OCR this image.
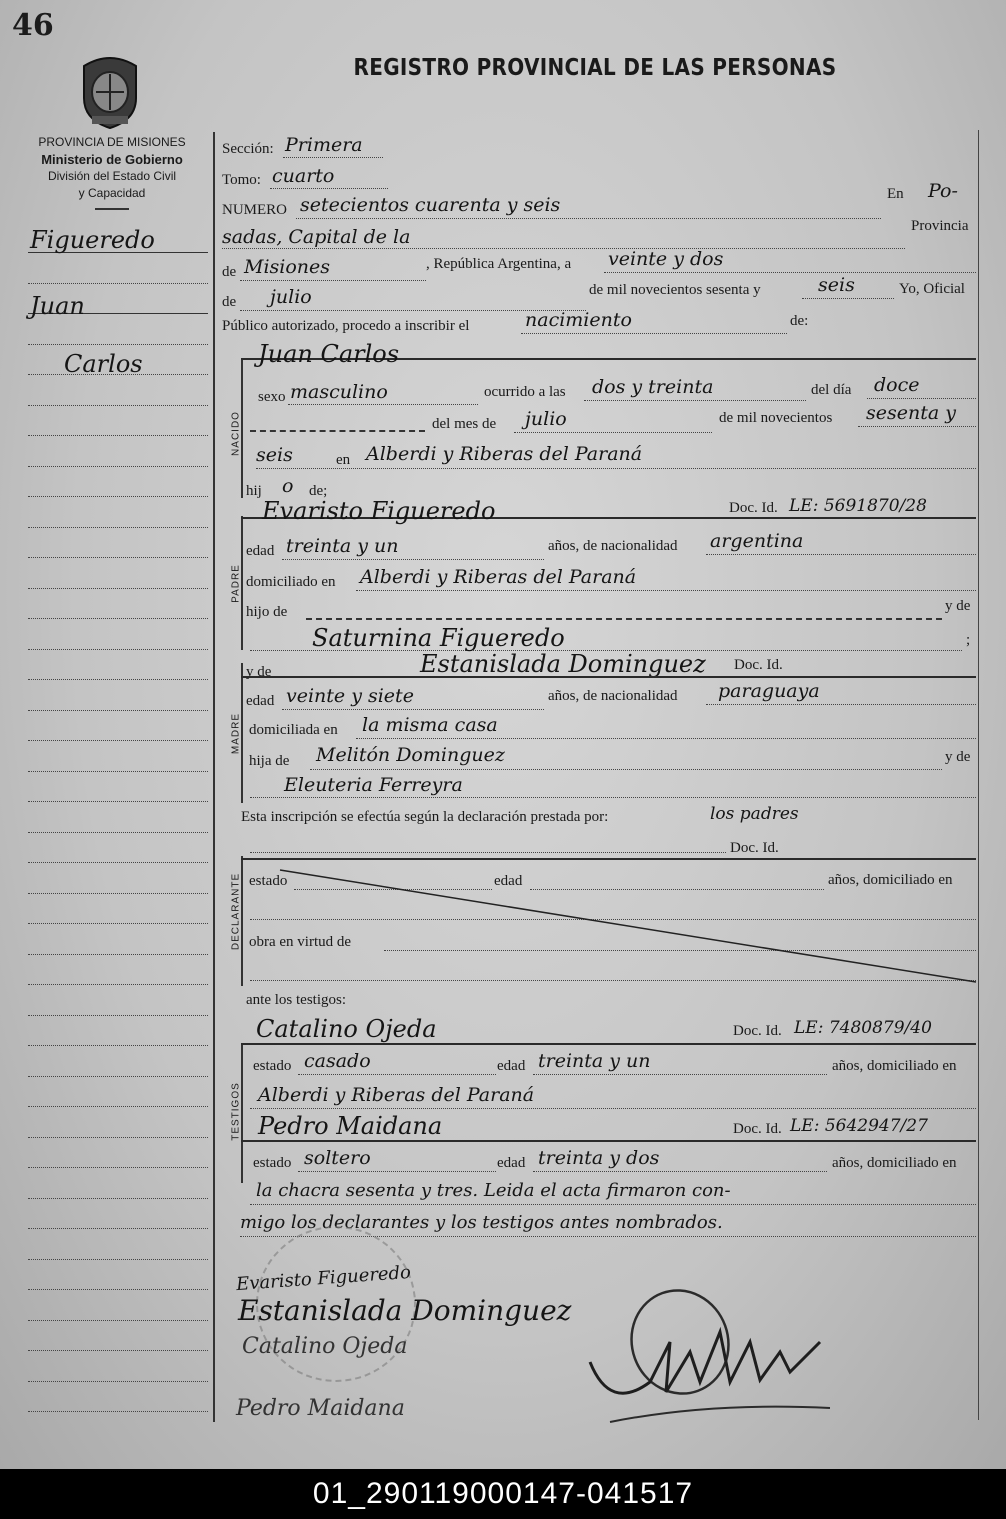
46
REGISTRO PROVINCIAL DE LAS PERSONAS
PROVINCIA DE MISIONES
Ministerio de Gobierno
División del Estado Civil
y Capacidad
Figueredo
Juan
Carlos
Sección: Primera
Tomo: cuarto
NUMERO setecientos cuarenta y seis	En Po-
sadas, Capital de la	Provincia
de Misiones	, República Argentina, a veinte y dos
de julio	de mil novecientos sesenta y	seis	Yo, Oficial
Público autorizado, procedo a inscribir el	nacimiento	de:
NACIDO
Juan Carlos
sexo masculino	ocurrido a las dos y treinta	del día doce
del mes de julio	de mil novecientos sesenta y
seis	en Alberdi y Riberas del Paraná
hij o de;
PADRE
Evaristo Figueredo	Doc. Id. LE: 5691870/28
edad treinta y un	años, de nacionalidad argentina
domiciliado en Alberdi y Riberas del Paraná
hijo de	y de
Saturnina Figueredo	;
MADRE
y de	Estanislada Dominguez Doc. Id.
edad veinte y siete	años, de nacionalidad paraguaya
domiciliada en la misma casa
hija de Melitón Dominguez	y de
Eleuteria Ferreyra
Esta inscripción se efectúa según la declaración prestada por:	los padres
DECLARANTE
Doc. Id.
estado	edad	años, domiciliado en
obra en virtud de
ante los testigos:
TESTIGOS
Catalino Ojeda	Doc. Id. LE: 7480879/40
estado casado	edad treinta y un	años, domiciliado en
Alberdi y Riberas del Paraná
Pedro Maidana	Doc. Id. LE: 5642947/27
estado soltero	edad treinta y dos	años, domiciliado en
la chacra sesenta y tres. Leida el acta firmaron con-
migo los declarantes y los testigos antes nombrados.
Evaristo Figueredo
Estanislada Dominguez
Catalino Ojeda
Pedro Maidana
01_290119000147-041517
